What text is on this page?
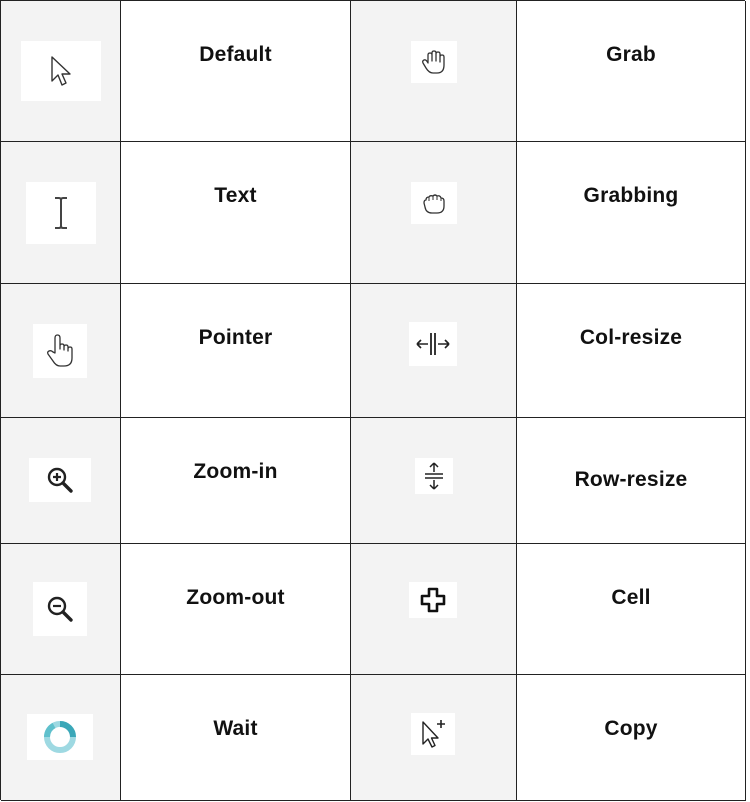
Default	Grab
Text	Grabbing
Pointer	Col-resize
Zoom-in	Row-resize
Zoom-out	Cell
Wait	Copy
